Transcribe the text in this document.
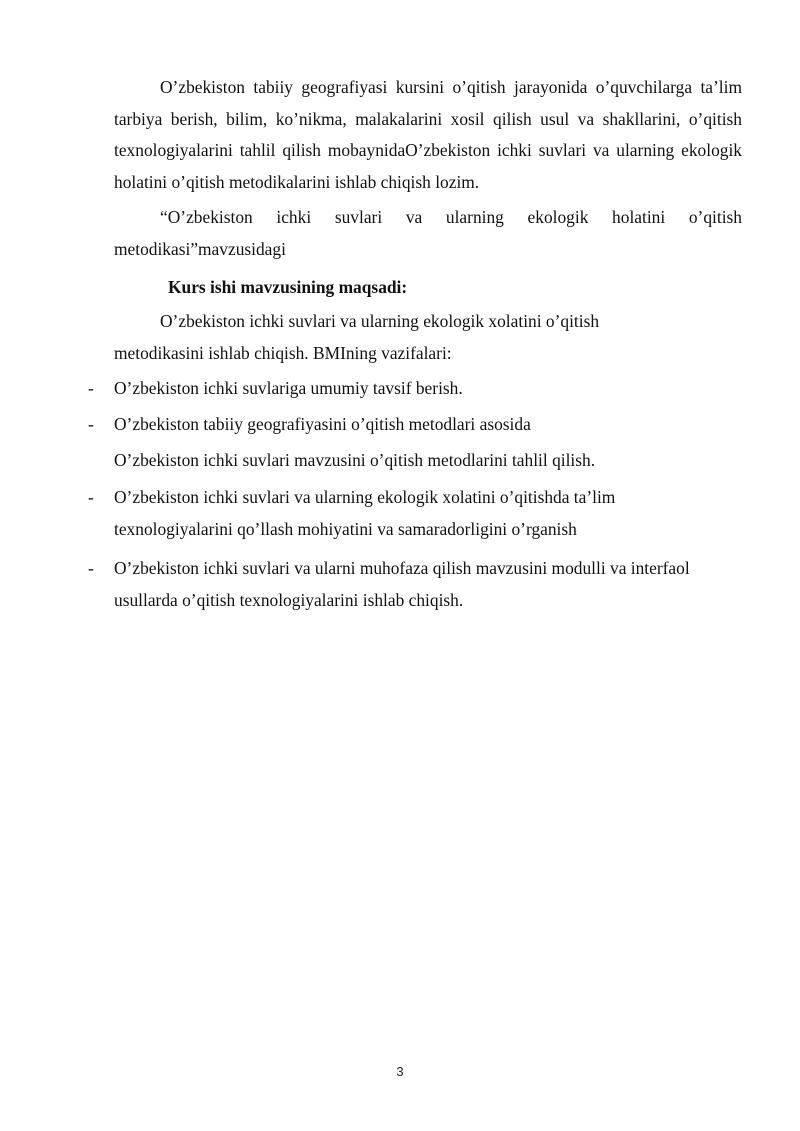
O’zbekiston tabiiy geografiyasi kursini o’qitish jarayonida o’quvchilarga ta’lim tarbiya berish, bilim, ko’nikma, malakalarini xosil qilish usul va shakllarini, o’qitish texnologiyalarini tahlil qilish mobaynidaO’zbekiston ichki suvlari va ularning ekologik holatini o’qitish metodikalarini ishlab chiqish lozim.

“O’zbekiston ichki suvlari va ularning ekologik holatini o’qitish metodikasi”mavzusidagi

Kurs ishi mavzusining maqsadi:
O’zbekiston ichki suvlari va ularning ekologik xolatini o’qitish
metodikasini ishlab chiqish. BMIning vazifalari:
- O’zbekiston ichki suvlariga umumiy tavsif berish.

- O’zbekiston tabiiy geografiyasini o’qitish metodlari asosida

O’zbekiston ichki suvlari mavzusini o’qitish metodlarini tahlil qilish.
- O’zbekiston ichki suvlari va ularning ekologik xolatini o’qitishda ta’lim texnologiyalarini qo’llash mohiyatini va samaradorligini o’rganish

- O’zbekiston ichki suvlari va ularni muhofaza qilish mavzusini modulli va interfaol usullarda o’qitish texnologiyalarini ishlab chiqish.

3
